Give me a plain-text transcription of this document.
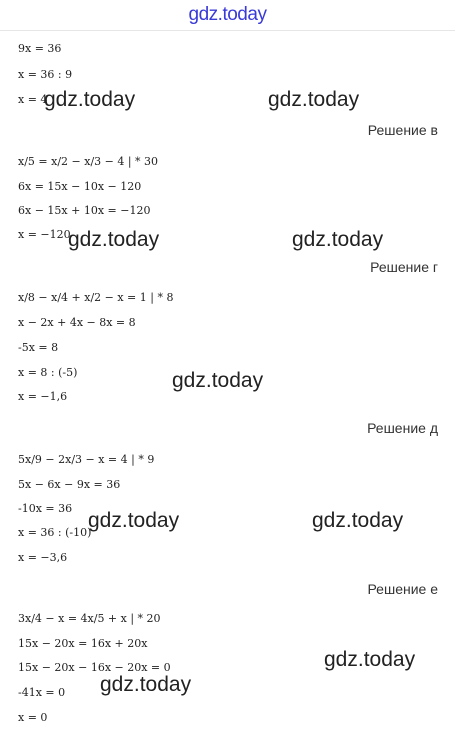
gdz.today
9x = 36
x = 36 : 9
x = 4
gdz.today	gdz.today
Решение в
x/5 = x/2 − x/3 − 4 | * 30
6x = 15x − 10x − 120
6x − 15x + 10x = −120
x = −120
gdz.today	gdz.today
Решение г
x/8 − x/4 + x/2 − x = 1 | * 8
x − 2x + 4x − 8x = 8
-5x = 8
x = 8 : (-5)
x = −1,6
gdz.today
Решение д
5x/9 − 2x/3 − x = 4 | * 9
5x − 6x − 9x = 36
-10x = 36
x = 36 : (-10)
x = −3,6
gdz.today	gdz.today
Решение е
3x/4 − x = 4x/5 + x | * 20
15x − 20x = 16x + 20x
15x − 20x − 16x − 20x = 0
-41x = 0
x = 0
gdz.today
gdz.today
